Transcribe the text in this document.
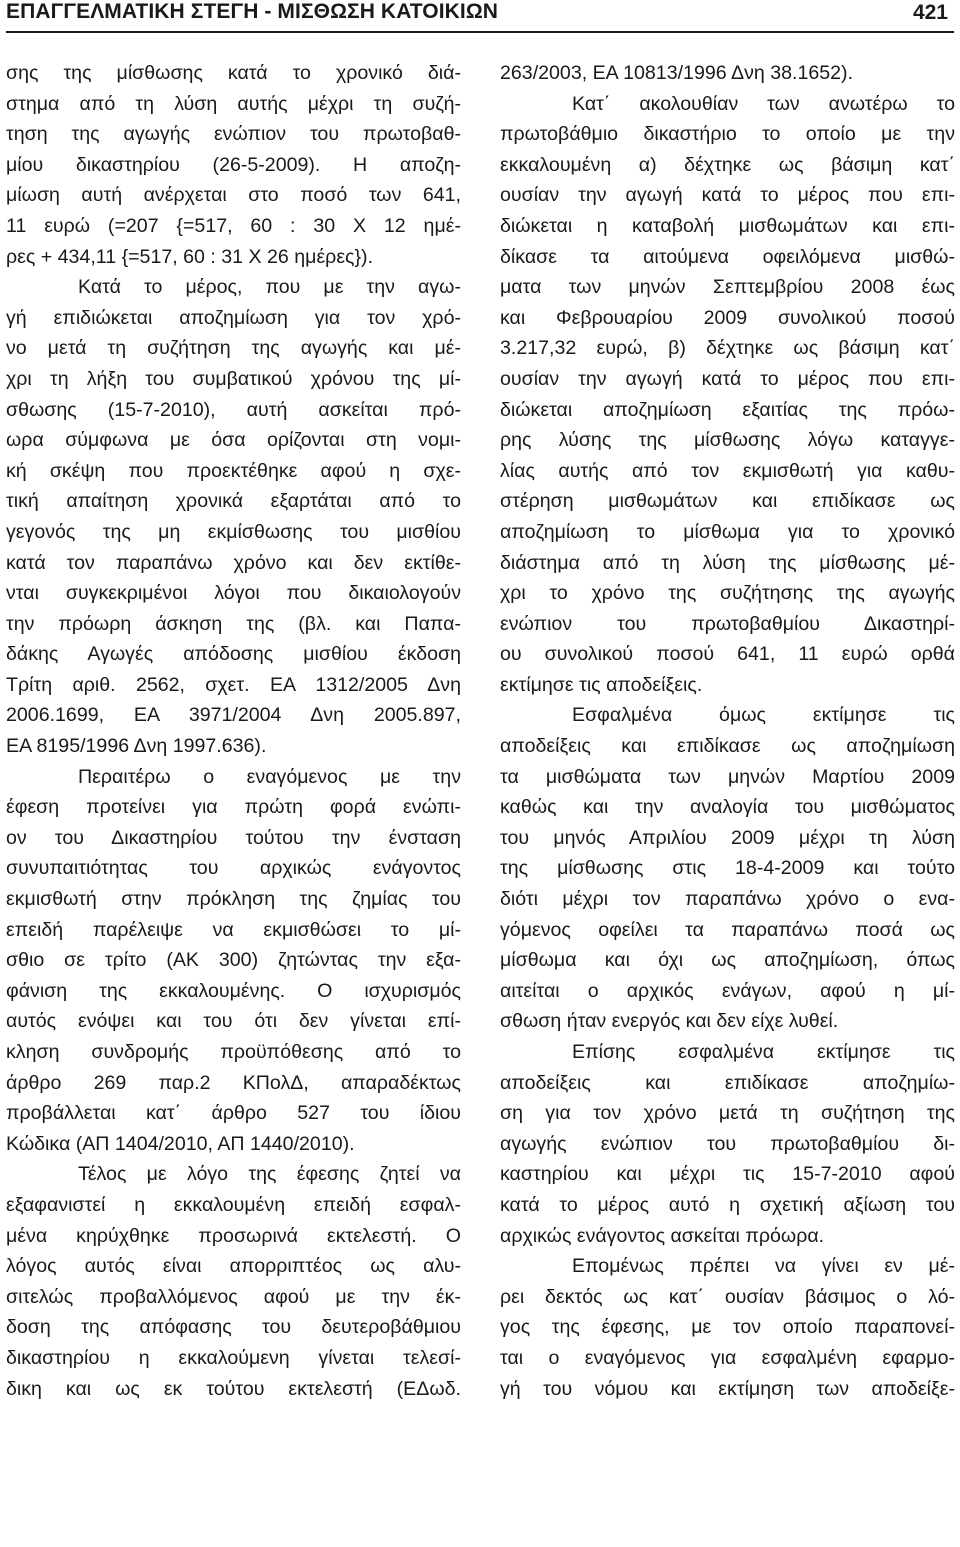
ΕΠΑΓΓΕΛΜΑΤΙΚΗ ΣΤΕΓΗ - ΜΙΣΘΩΣΗ ΚΑΤΟΙΚΙΩΝ	421
σης της μίσθωσης κατά το χρονικό διά-
στημα από τη λύση αυτής μέχρι τη συζή-
τηση της αγωγής ενώπιον του πρωτοβαθ-
μίου δικαστηρίου (26-5-2009). Η αποζη-
μίωση αυτή ανέρχεται στο ποσό των 641,
11 ευρώ (=207 {=517, 60 : 30 Χ 12 ημέ-
ρες + 434,11 {=517, 60 : 31 Χ 26 ημέρες}).
Κατά το μέρος, που με την αγω-
γή επιδιώκεται αποζημίωση για τον χρό-
νο μετά τη συζήτηση της αγωγής και μέ-
χρι τη λήξη του συμβατικού χρόνου της μί-
σθωσης (15-7-2010), αυτή ασκείται πρό-
ωρα σύμφωνα με όσα ορίζονται στη νομι-
κή σκέψη που προεκτέθηκε αφού η σχε-
τική απαίτηση χρονικά εξαρτάται από το
γεγονός της μη εκμίσθωσης του μισθίου
κατά τον παραπάνω χρόνο και δεν εκτίθε-
νται συγκεκριμένοι λόγοι που δικαιολογούν
την πρόωρη άσκηση της (βλ. και Παπα-
δάκης Αγωγές απόδοσης μισθίου έκδοση
Τρίτη αριθ. 2562, σχετ. ΕΑ 1312/2005 Δνη
2006.1699, ΕΑ 3971/2004 Δνη 2005.897,
ΕΑ 8195/1996 Δνη 1997.636).
Περαιτέρω ο εναγόμενος με την
έφεση προτείνει για πρώτη φορά ενώπι-
ον του Δικαστηρίου τούτου την ένσταση
συνυπαιτιότητας του αρχικώς ενάγοντος
εκμισθωτή στην πρόκληση της ζημίας του
επειδή παρέλειψε να εκμισθώσει το μί-
σθιο σε τρίτο (ΑΚ 300) ζητώντας την εξα-
φάνιση της εκκαλουμένης. Ο ισχυρισμός
αυτός ενόψει και του ότι δεν γίνεται επί-
κληση συνδρομής προϋπόθεσης από το
άρθρο 269 παρ.2 ΚΠολΔ, απαραδέκτως
προβάλλεται κατ΄ άρθρο 527 του ίδιου
Κώδικα (ΑΠ 1404/2010, ΑΠ 1440/2010).
Τέλος με λόγο της έφεσης ζητεί να
εξαφανιστεί η εκκαλουμένη επειδή εσφαλ-
μένα κηρύχθηκε προσωρινά εκτελεστή. Ο
λόγος αυτός είναι απορριπτέος ως αλυ-
σιτελώς προβαλλόμενος αφού με την έκ-
δοση της απόφασης του δευτεροβάθμιου
δικαστηρίου η εκκαλούμενη γίνεται τελεσί-
δικη και ως εκ τούτου εκτελεστή (ΕΔωδ.
263/2003, ΕΑ 10813/1996 Δνη 38.1652).
Κατ΄ ακολουθίαν των ανωτέρω το
πρωτοβάθμιο δικαστήριο το οποίο με την
εκκαλουμένη α) δέχτηκε ως βάσιμη κατ΄
ουσίαν την αγωγή κατά το μέρος που επι-
διώκεται η καταβολή μισθωμάτων και επι-
δίκασε τα αιτούμενα οφειλόμενα μισθώ-
ματα των μηνών Σεπτεμβρίου 2008 έως
και Φεβρουαρίου 2009 συνολικού ποσού
3.217,32 ευρώ, β) δέχτηκε ως βάσιμη κατ΄
ουσίαν την αγωγή κατά το μέρος που επι-
διώκεται αποζημίωση εξαιτίας της πρόω-
ρης λύσης της μίσθωσης λόγω καταγγε-
λίας αυτής από τον εκμισθωτή για καθυ-
στέρηση μισθωμάτων και επιδίκασε ως
αποζημίωση το μίσθωμα για το χρονικό
διάστημα από τη λύση της μίσθωσης μέ-
χρι το χρόνο της συζήτησης της αγωγής
ενώπιον του πρωτοβαθμίου Δικαστηρί-
ου συνολικού ποσού 641, 11 ευρώ ορθά
εκτίμησε τις αποδείξεις.
Εσφαλμένα όμως εκτίμησε τις
αποδείξεις και επιδίκασε ως αποζημίωση
τα μισθώματα των μηνών Μαρτίου 2009
καθώς και την αναλογία του μισθώματος
του μηνός Απριλίου 2009 μέχρι τη λύση
της μίσθωσης στις 18-4-2009 και τούτο
διότι μέχρι τον παραπάνω χρόνο ο ενα-
γόμενος οφείλει τα παραπάνω ποσά ως
μίσθωμα και όχι ως αποζημίωση, όπως
αιτείται ο αρχικός ενάγων, αφού η μί-
σθωση ήταν ενεργός και δεν είχε λυθεί.
Επίσης εσφαλμένα εκτίμησε τις
αποδείξεις και επιδίκασε αποζημίω-
ση για τον χρόνο μετά τη συζήτηση της
αγωγής ενώπιον του πρωτοβαθμίου δι-
καστηρίου και μέχρι τις 15-7-2010 αφού
κατά το μέρος αυτό η σχετική αξίωση του
αρχικώς ενάγοντος ασκείται πρόωρα.
Επομένως πρέπει να γίνει εν μέ-
ρει δεκτός ως κατ΄ ουσίαν βάσιμος ο λό-
γος της έφεσης, με τον οποίο παραπονεί-
ται ο εναγόμενος για εσφαλμένη εφαρμο-
γή του νόμου και εκτίμηση των αποδείξε-
